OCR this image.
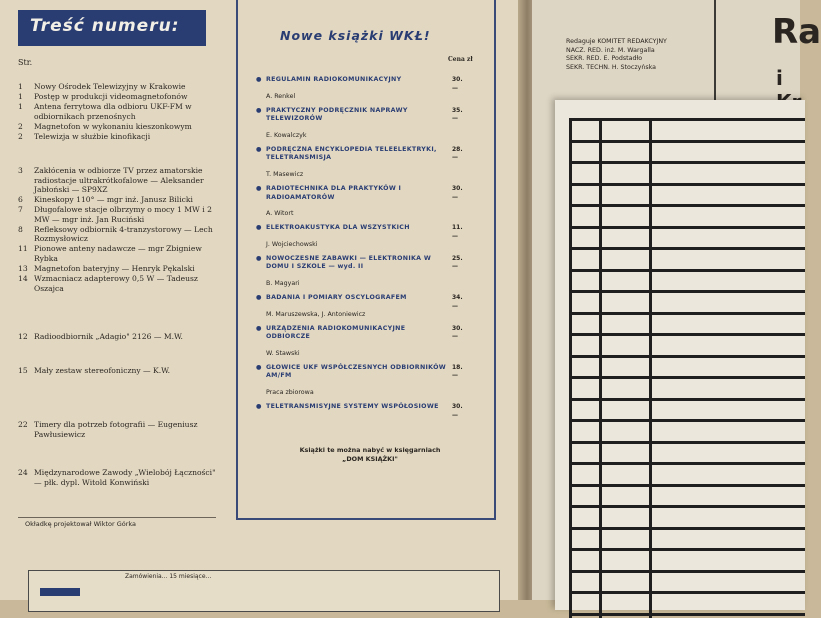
Treść numeru:
Str.
1	Nowy Ośrodek Telewizyjny w Krakowie
1	Postęp w produkcji videomagnetofonów
1	Antena ferrytowa dla odbioru UKF-FM w odbiornikach przenośnych
2	Magnetofon w wykonaniu kieszonkowym
2	Telewizja w służbie kinofikacji
3	Zakłócenia w odbiorze TV przez amatorskie radiostacje ultrakrótkofalowe — Aleksander Jabłoński — SP9XZ
6	Kineskopy 110° — mgr inż. Janusz Bilicki
7	Długofalowe stacje olbrzymy o mocy 1 MW i 2 MW — mgr inż. Jan Ruciński
8	Refleksowy odbiornik 4-tranzystorowy — Lech Rozmysłowicz
11 Pionowe anteny nadawcze — mgr Zbigniew Rybka
13 Magnetofon bateryjny — Henryk Pękalski
14 Wzmacniacz adapterowy 0,5 W — Tadeusz Oszajca
12 Radioodbiornik „Adagio" 2126 — M.W.
15 Mały zestaw stereofoniczny — K.W.
22 Timery dla potrzeb fotografii — Eugeniusz Pawłusiewicz
24 Międzynarodowe Zawody „Wielobój Łączności" — płk. dypl. Witold Konwiński
Okładkę projektował Wiktor Górka
Nowe książki WKŁ!
Cena zł
Książki te można nabyć w księgarniach „DOM KSIĄŻKI"
● REGULAMIN RADIOKOMUNIKACYJNY	30.—
A. Renkel
● PRAKTYCZNY PODRĘCZNIK NAPRAWY TELEWIZORÓW
35.—
E. Kowalczyk
● PODRĘCZNA ENCYKLOPEDIA TELEELEKTRYKI, TELETRANSMISJA
28.—
T. Masewicz
● RADIOTECHNIKA DLA PRAKTYKÓW I RADIOAMATORÓW
30.—
A. Witort
● ELEKTROAKUSTYKA DLA WSZYSTKICH	11.—
J. Wojciechowski
● NOWOCZESNE ZABAWKI — ELEKTRONIKA W DOMU I SZKOLE — wyd. II
25.—
B. Magyari
● BADANIA I POMIARY OSCYLOGRAFEM	34.—
M. Maruszewska, J. Antoniewicz
● URZĄDZENIA RADIOKOMUNIKACYJNE ODBIORCZE
30.—
W. Stawski
● GŁOWICE UKF WSPÓŁCZESNYCH ODBIORNIKÓW AM/FM
18.—
Praca zbiorowa
● TELETRANSMISYJNE SYSTEMY WSPÓŁOSIOWE	30.—
Zamówienia... 15 miesiące...
Redaguje KOMITET REDAKCYJNY
NACZ. RED. inż. M. Wargalla
SEKR. RED. E. Podstadło
SEKR. TECHN. H. Stoczyńska
Ra
i
